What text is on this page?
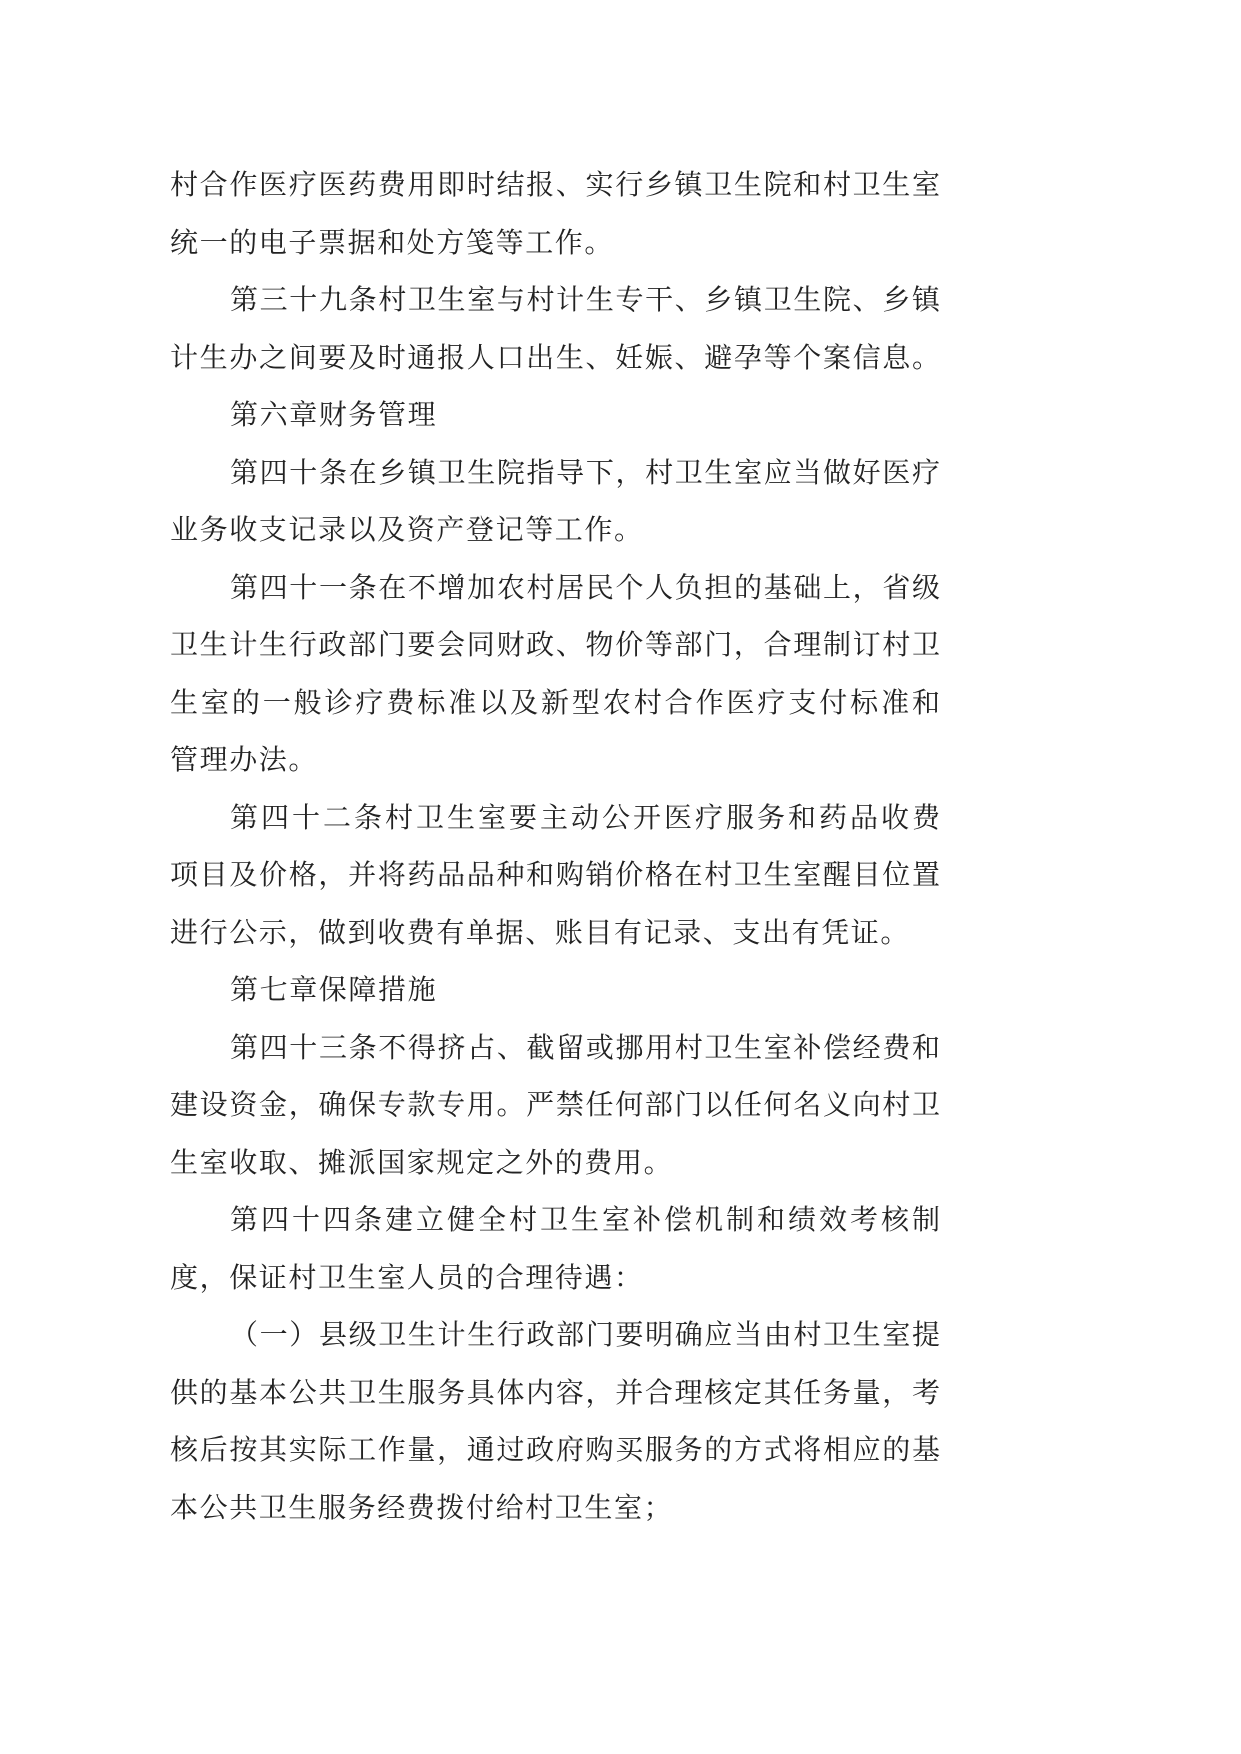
村合作医疗医药费用即时结报、实行乡镇卫生院和村卫生室
统一的电子票据和处方笺等工作。
第三十九条村卫生室与村计生专干、乡镇卫生院、乡镇
计生办之间要及时通报人口出生、妊娠、避孕等个案信息。
第六章财务管理
第四十条在乡镇卫生院指导下，村卫生室应当做好医疗
业务收支记录以及资产登记等工作。
第四十一条在不增加农村居民个人负担的基础上，省级
卫生计生行政部门要会同财政、物价等部门，合理制订村卫
生室的一般诊疗费标准以及新型农村合作医疗支付标准和
管理办法。
第四十二条村卫生室要主动公开医疗服务和药品收费
项目及价格，并将药品品种和购销价格在村卫生室醒目位置
进行公示，做到收费有单据、账目有记录、支出有凭证。
第七章保障措施
第四十三条不得挤占、截留或挪用村卫生室补偿经费和
建设资金，确保专款专用。严禁任何部门以任何名义向村卫
生室收取、摊派国家规定之外的费用。
第四十四条建立健全村卫生室补偿机制和绩效考核制
度，保证村卫生室人员的合理待遇：
（一）县级卫生计生行政部门要明确应当由村卫生室提
供的基本公共卫生服务具体内容，并合理核定其任务量，考
核后按其实际工作量，通过政府购买服务的方式将相应的基
本公共卫生服务经费拨付给村卫生室；
